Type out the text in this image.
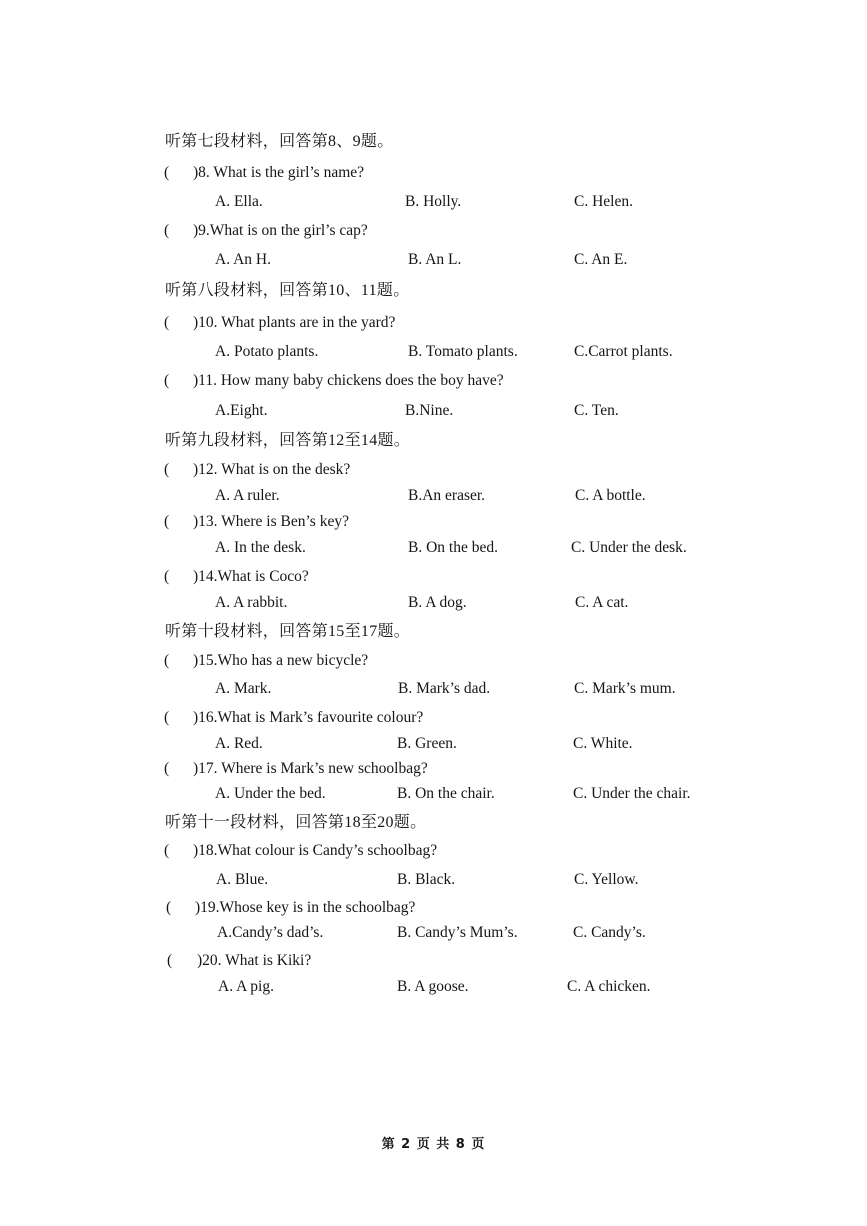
听第七段材料，回答第8、9题。
( )8. What is the girl’s name?
A. Ella.	B. Holly.	C. Helen.
( )9.What is on the girl’s cap?
A. An H.	B. An L.	C. An E.
听第八段材料，回答第10、11题。
( )10. What plants are in the yard?
A. Potato plants.	B. Tomato plants.	C.Carrot plants.
( )11. How many baby chickens does the boy have?
A.Eight.	B.Nine.	C. Ten.
听第九段材料，回答第12至14题。
( )12. What is on the desk?
A. A ruler.	B.An eraser.	C. A bottle.
( )13. Where is Ben’s key?
A. In the desk.	B. On the bed.	C. Under the desk.
( )14.What is Coco?
A. A rabbit.	B. A dog.	C. A cat.
听第十段材料，回答第15至17题。
( )15.Who has a new bicycle?
A. Mark.	B. Mark’s dad.	C. Mark’s mum.
( )16.What is Mark’s favourite colour?
A. Red.	B. Green.	C. White.
( )17. Where is Mark’s new schoolbag?
A. Under the bed.	B. On the chair.	C. Under the chair.
听第十一段材料，回答第18至20题。
( )18.What colour is Candy’s schoolbag?
A. Blue.	B. Black.	C. Yellow.
( )19.Whose key is in the schoolbag?
A.Candy’s dad’s.	B. Candy’s Mum’s.	C. Candy’s.
( )20. What is Kiki?
A. A pig.	B. A goose.	C. A chicken.
第 2 页 共 8 页
